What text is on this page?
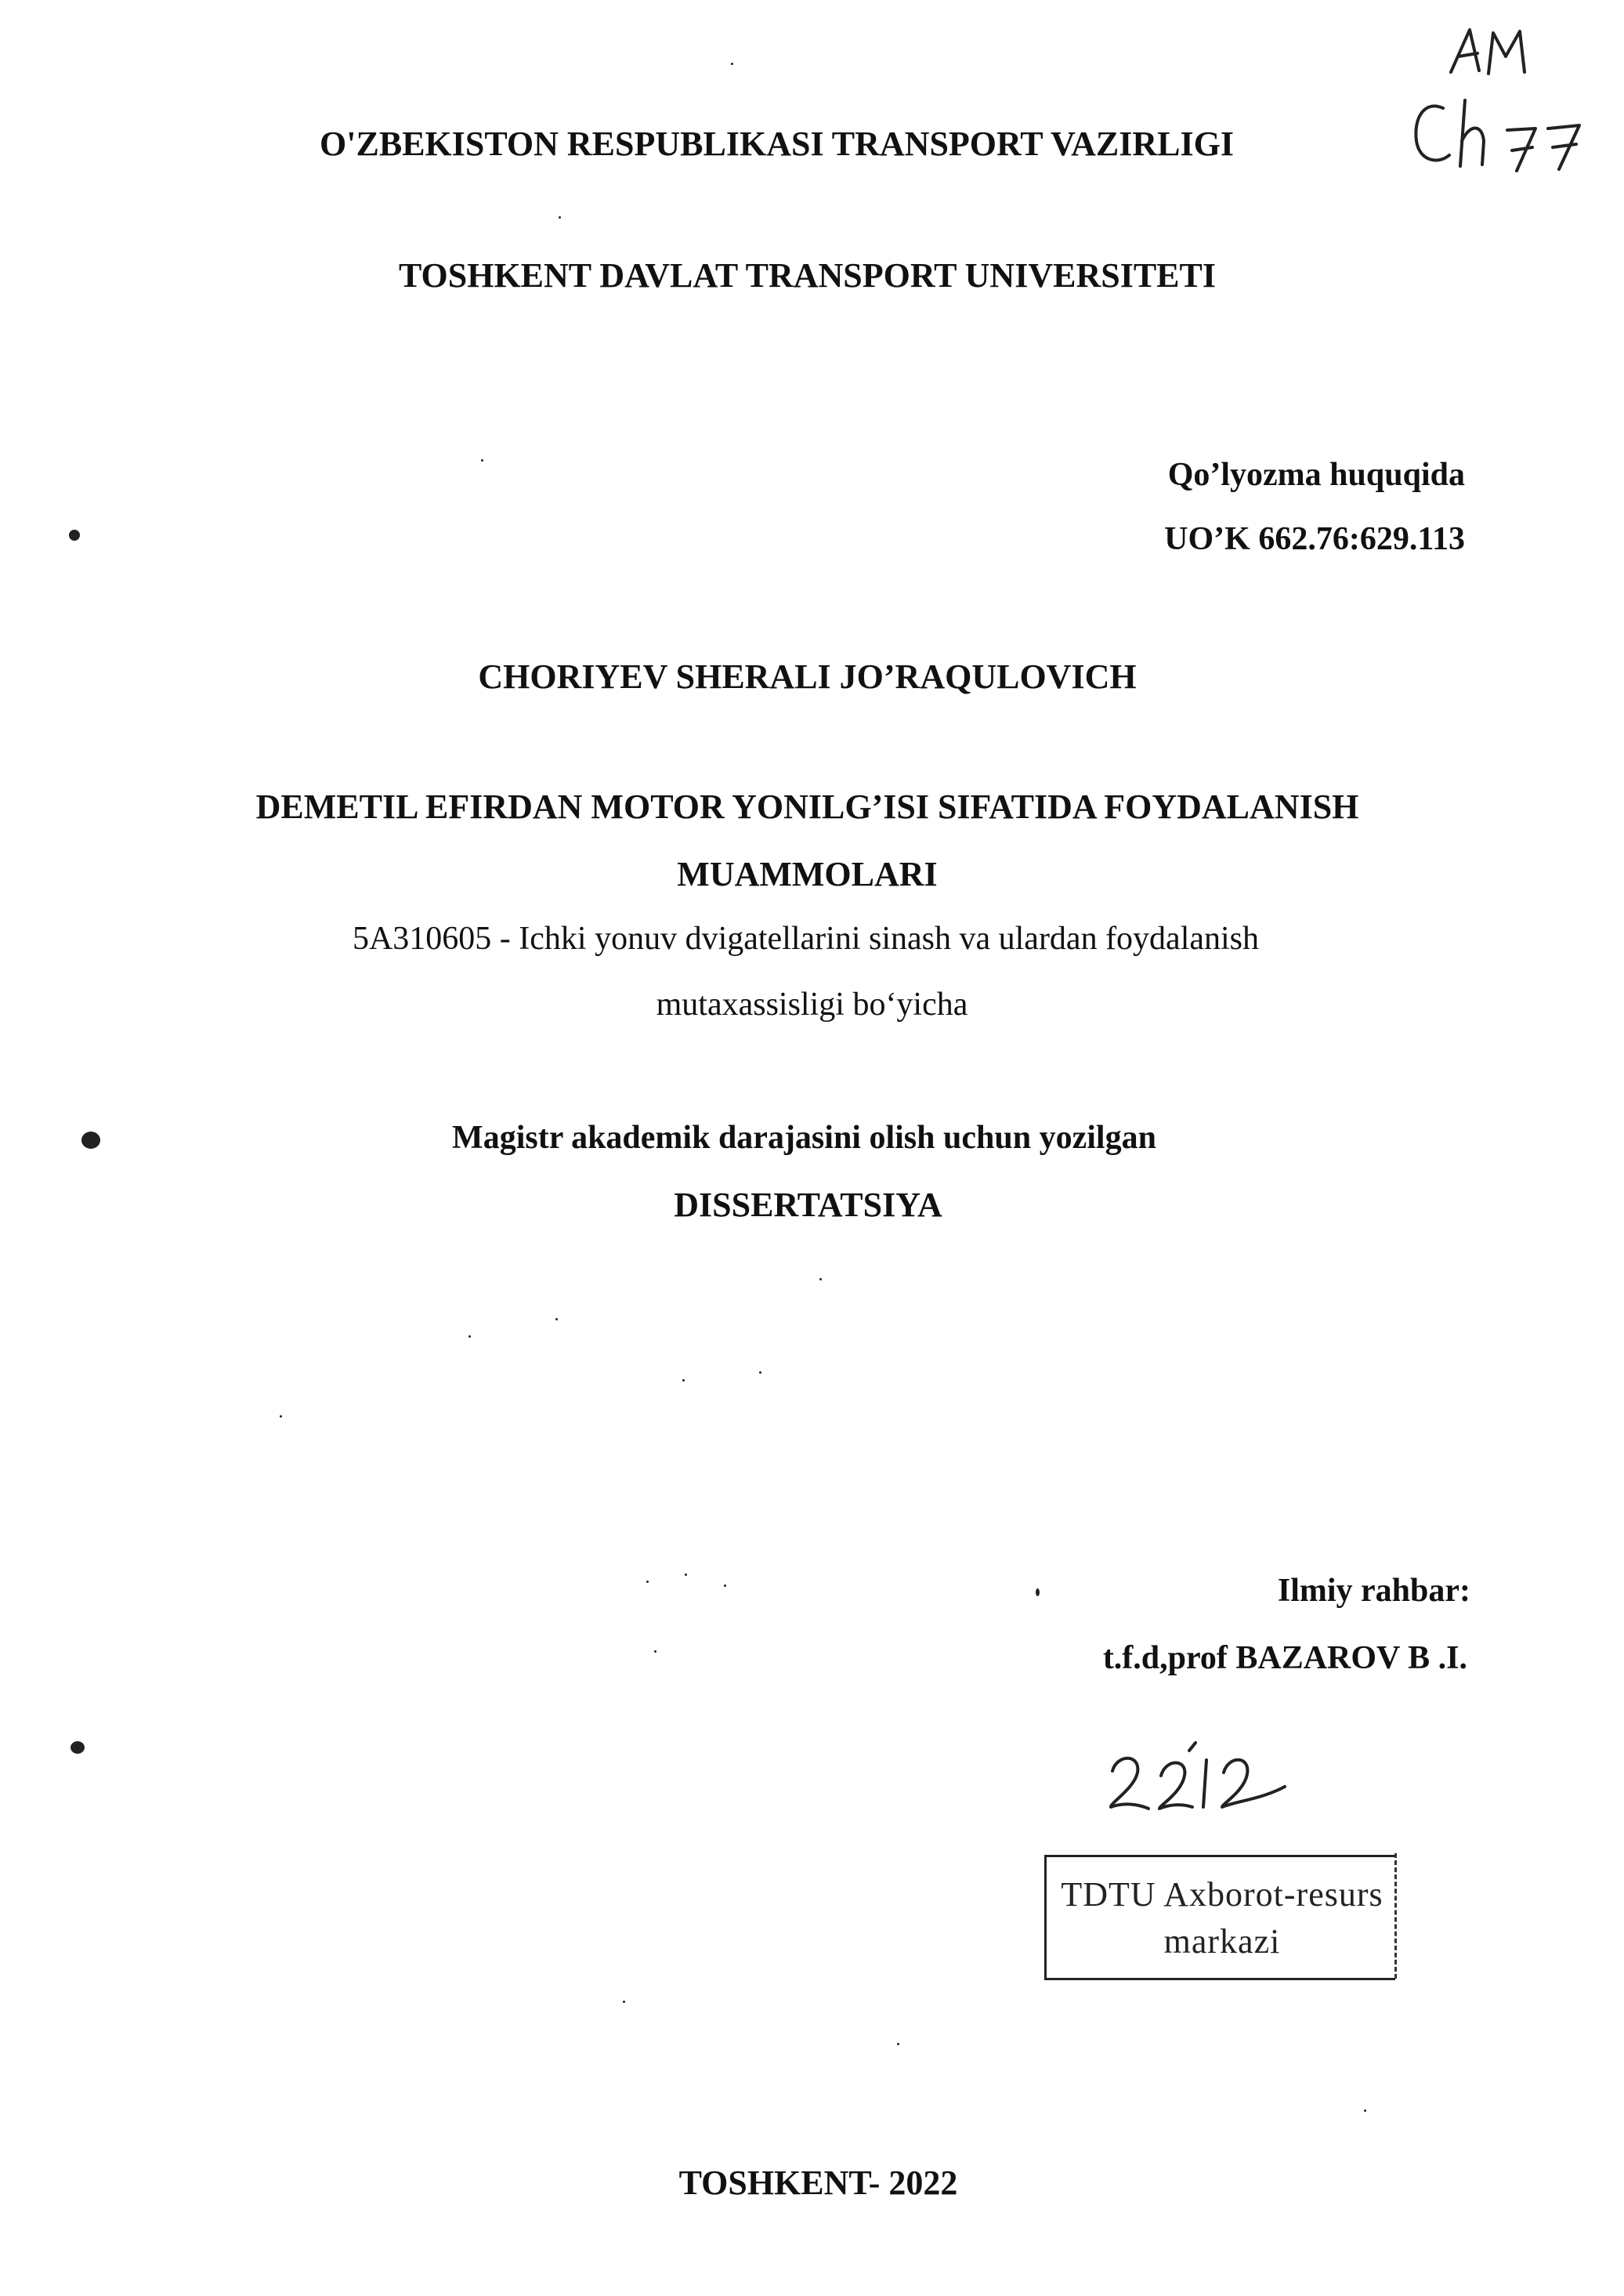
O'ZBEKISTON RESPUBLIKASI TRANSPORT VAZIRLIGI
TOSHKENT DAVLAT TRANSPORT UNIVERSITETI
Qo’lyozma huquqida
UO’K 662.76:629.113
CHORIYEV SHERALI JO’RAQULOVICH
DEMETIL EFIRDAN MOTOR YONILG’ISI SIFATIDA FOYDALANISH
MUAMMOLARI
5A310605 - Ichki yonuv dvigatellarini sinash va ulardan foydalanish
mutaxassisligi bo‘yicha
Magistr akademik darajasini olish uchun yozilgan
DISSERTATSIYA
Ilmiy rahbar:
t.f.d,prof BAZAROV B .I.
TDTU Axborot-resurs
markazi
TOSHKENT- 2022
